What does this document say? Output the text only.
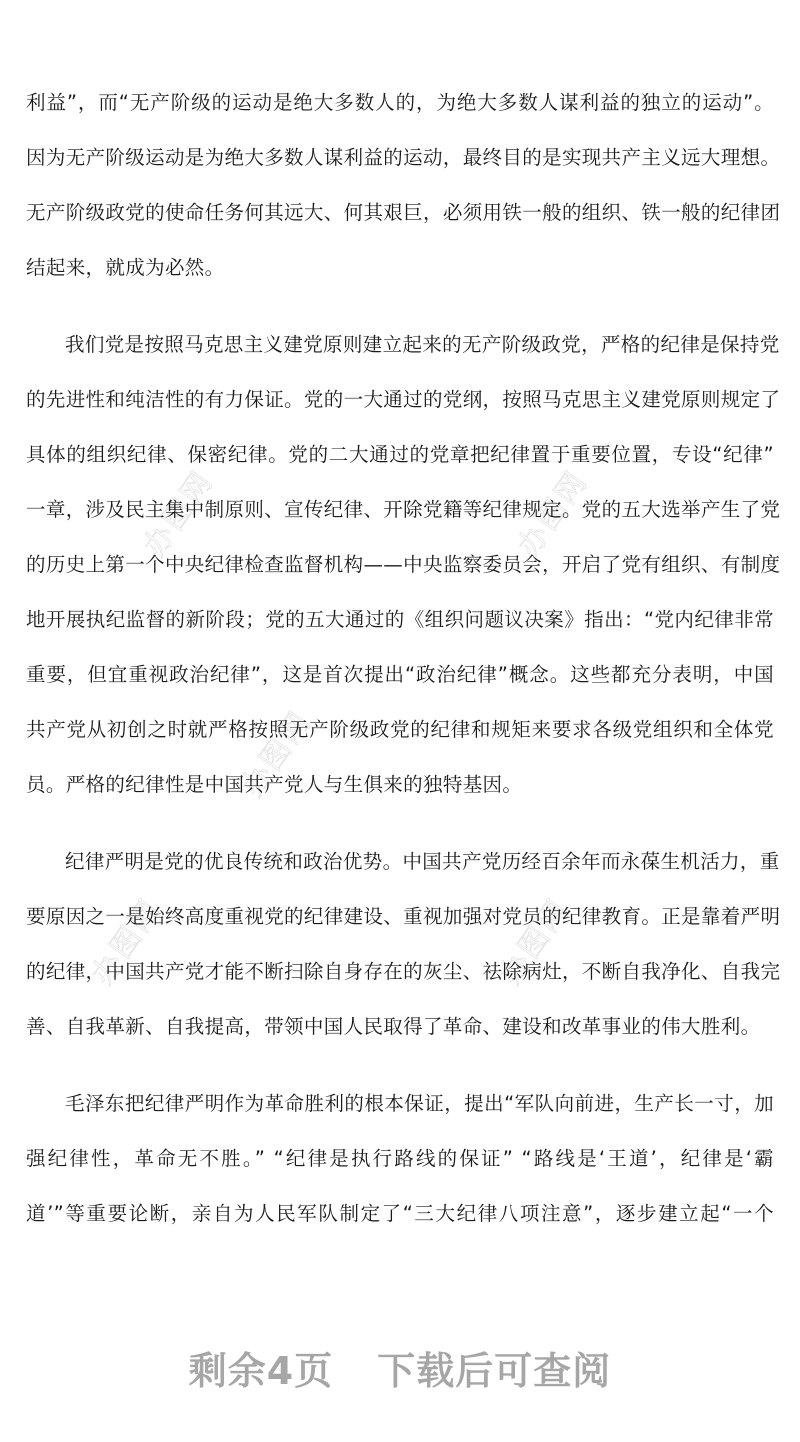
办图网	办图网
办图网
办图网	办图网
利益”，而“无产阶级的运动是绝大多数人的，为绝大多数人谋利益的独立的运动”。
因为无产阶级运动是为绝大多数人谋利益的运动，最终目的是实现共产主义远大理想。
无产阶级政党的使命任务何其远大、何其艰巨，必须用铁一般的组织、铁一般的纪律团
结起来，就成为必然。
我们党是按照马克思主义建党原则建立起来的无产阶级政党，严格的纪律是保持党
的先进性和纯洁性的有力保证。党的一大通过的党纲，按照马克思主义建党原则规定了
具体的组织纪律、保密纪律。党的二大通过的党章把纪律置于重要位置，专设“纪律”
一章，涉及民主集中制原则、宣传纪律、开除党籍等纪律规定。党的五大选举产生了党
的历史上第一个中央纪律检查监督机构——中央监察委员会，开启了党有组织、有制度
地开展执纪监督的新阶段；党的五大通过的《组织问题议决案》指出：“党内纪律非常
重要，但宜重视政治纪律”，这是首次提出“政治纪律”概念。这些都充分表明，中国
共产党从初创之时就严格按照无产阶级政党的纪律和规矩来要求各级党组织和全体党
员。严格的纪律性是中国共产党人与生俱来的独特基因。
纪律严明是党的优良传统和政治优势。中国共产党历经百余年而永葆生机活力，重
要原因之一是始终高度重视党的纪律建设、重视加强对党员的纪律教育。正是靠着严明
的纪律，中国共产党才能不断扫除自身存在的灰尘、祛除病灶，不断自我净化、自我完
善、自我革新、自我提高，带领中国人民取得了革命、建设和改革事业的伟大胜利。
毛泽东把纪律严明作为革命胜利的根本保证，提出“军队向前进，生产长一寸，加
强纪律性，革命无不胜。” “纪律是执行路线的保证” “路线是‘王道’，纪律是‘霸
道’”等重要论断，亲自为人民军队制定了“三大纪律八项注意”，逐步建立起“一个
剩余4页 下载后可查阅
